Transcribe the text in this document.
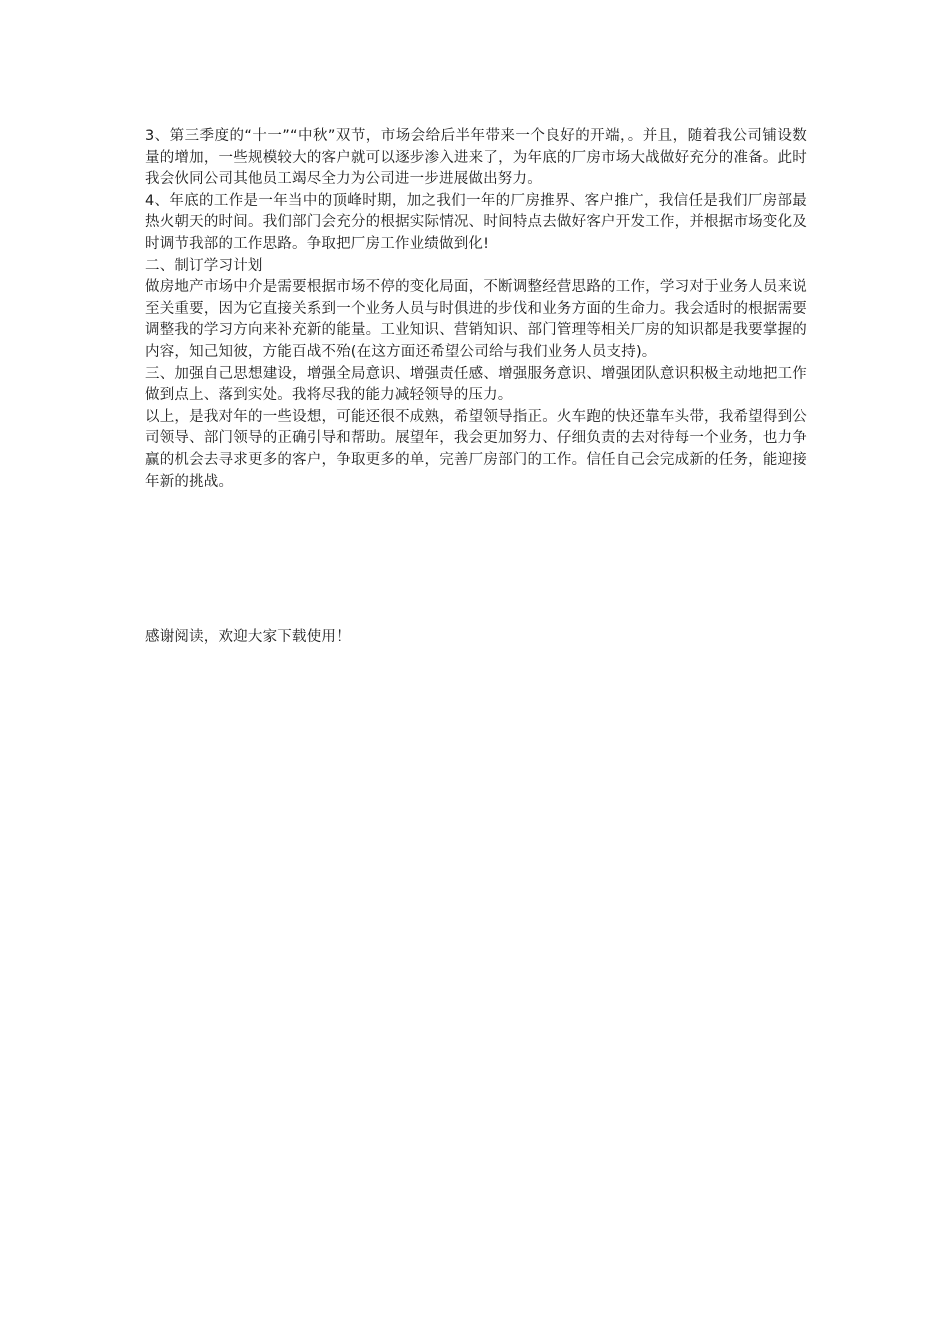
3、第三季度的“十一”“中秋”双节，市场会给后半年带来一个良好的开端，。并且，随着我公司铺设数量的增加，一些规模较大的客户就可以逐步渗入进来了，为年底的厂房市场大战做好充分的准备。此时我会伙同公司其他员工竭尽全力为公司进一步进展做出努力。

4、年底的工作是一年当中的顶峰时期，加之我们一年的厂房推界、客户推广，我信任是我们厂房部最热火朝天的时间。我们部门会充分的根据实际情况、时间特点去做好客户开发工作，并根据市场变化及时调节我部的工作思路。争取把厂房工作业绩做到化!

二、制订学习计划

做房地产市场中介是需要根据市场不停的变化局面，不断调整经营思路的工作，学习对于业务人员来说至关重要，因为它直接关系到一个业务人员与时俱进的步伐和业务方面的生命力。我会适时的根据需要调整我的学习方向来补充新的能量。工业知识、营销知识、部门管理等相关厂房的知识都是我要掌握的内容，知己知彼，方能百战不殆(在这方面还希望公司给与我们业务人员支持)。

三、加强自己思想建设，增强全局意识、增强责任感、增强服务意识、增强团队意识积极主动地把工作做到点上、落到实处。我将尽我的能力减轻领导的压力。

以上，是我对年的一些设想，可能还很不成熟，希望领导指正。火车跑的快还靠车头带，我希望得到公司领导、部门领导的正确引导和帮助。展望年，我会更加努力、仔细负责的去对待每一个业务，也力争赢的机会去寻求更多的客户，争取更多的单，完善厂房部门的工作。信任自己会完成新的任务，能迎接年新的挑战。

感谢阅读，欢迎大家下载使用！
